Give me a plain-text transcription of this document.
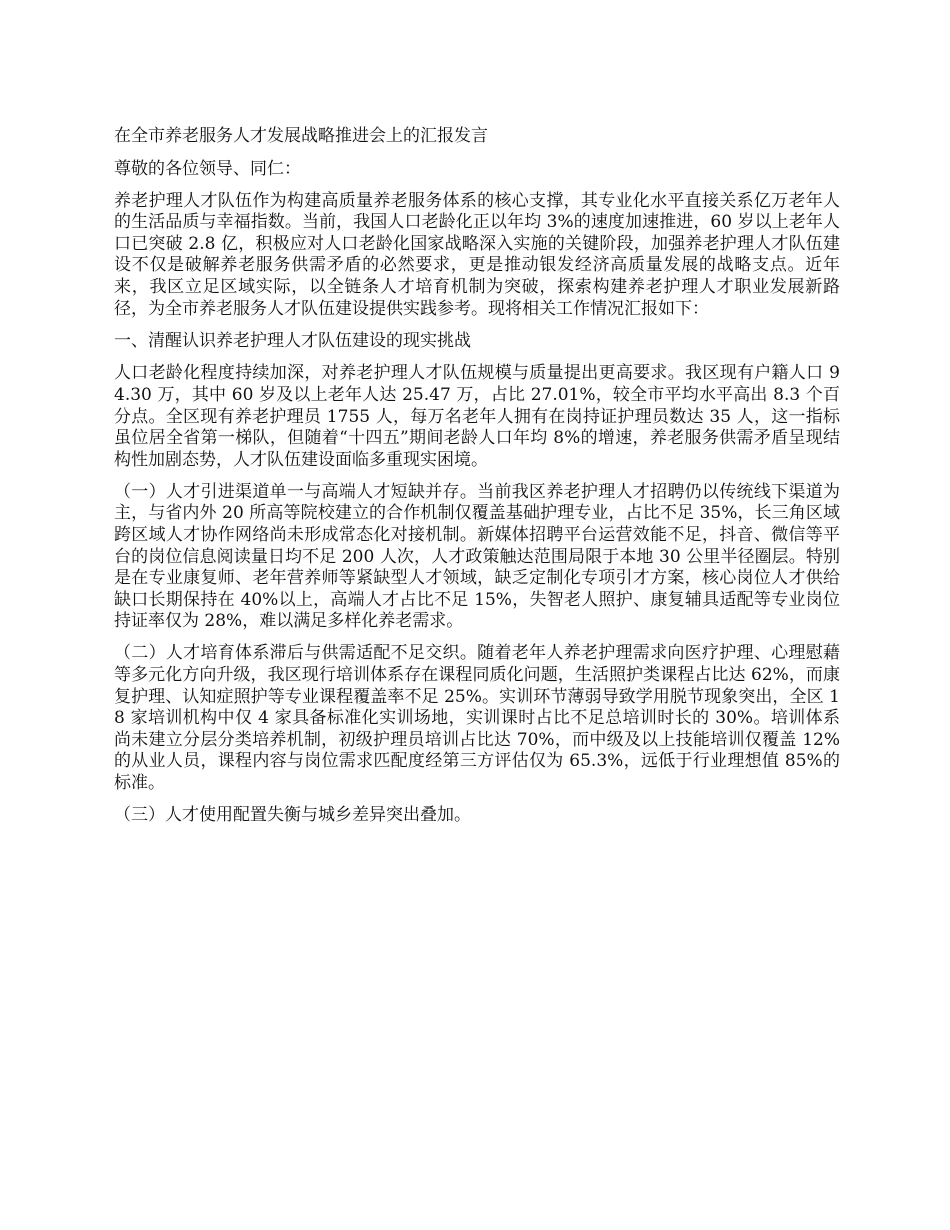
在全市养老服务人才发展战略推进会上的汇报发言

尊敬的各位领导、同仁：

养老护理人才队伍作为构建高质量养老服务体系的核心支撑，其专业化水平直接关系亿万老年人的生活品质与幸福指数。当前，我国人口老龄化正以年均 3%的速度加速推进，60 岁以上老年人口已突破 2.8 亿，积极应对人口老龄化国家战略深入实施的关键阶段，加强养老护理人才队伍建设不仅是破解养老服务供需矛盾的必然要求，更是推动银发经济高质量发展的战略支点。近年来，我区立足区域实际，以全链条人才培育机制为突破，探索构建养老护理人才职业发展新路径，为全市养老服务人才队伍建设提供实践参考。现将相关工作情况汇报如下：

一、清醒认识养老护理人才队伍建设的现实挑战

人口老龄化程度持续加深，对养老护理人才队伍规模与质量提出更高要求。我区现有户籍人口 94.30 万，其中 60 岁及以上老年人达 25.47 万，占比 27.01%，较全市平均水平高出 8.3 个百分点。全区现有养老护理员 1755 人，每万名老年人拥有在岗持证护理员数达 35 人，这一指标虽位居全省第一梯队，但随着“十四五”期间老龄人口年均 8%的增速，养老服务供需矛盾呈现结构性加剧态势，人才队伍建设面临多重现实困境。

（一）人才引进渠道单一与高端人才短缺并存。当前我区养老护理人才招聘仍以传统线下渠道为主，与省内外 20 所高等院校建立的合作机制仅覆盖基础护理专业，占比不足 35%，长三角区域跨区域人才协作网络尚未形成常态化对接机制。新媒体招聘平台运营效能不足，抖音、微信等平台的岗位信息阅读量日均不足 200 人次，人才政策触达范围局限于本地 30 公里半径圈层。特别是在专业康复师、老年营养师等紧缺型人才领域，缺乏定制化专项引才方案，核心岗位人才供给缺口长期保持在 40%以上，高端人才占比不足 15%，失智老人照护、康复辅具适配等专业岗位持证率仅为 28%，难以满足多样化养老需求。

（二）人才培育体系滞后与供需适配不足交织。随着老年人养老护理需求向医疗护理、心理慰藉等多元化方向升级，我区现行培训体系存在课程同质化问题，生活照护类课程占比达 62%，而康复护理、认知症照护等专业课程覆盖率不足 25%。实训环节薄弱导致学用脱节现象突出，全区 18 家培训机构中仅 4 家具备标准化实训场地，实训课时占比不足总培训时长的 30%。培训体系尚未建立分层分类培养机制，初级护理员培训占比达 70%，而中级及以上技能培训仅覆盖 12%的从业人员，课程内容与岗位需求匹配度经第三方评估仅为 65.3%，远低于行业理想值 85%的标准。

（三）人才使用配置失衡与城乡差异突出叠加。
